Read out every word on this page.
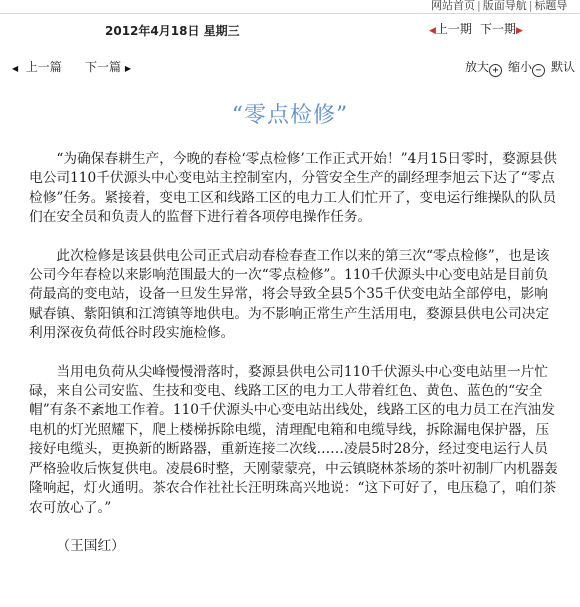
网站首页 | 版面导航 | 标题导
2012年4月18日 星期三	◀上一期 下一期▶
◀ 上一篇 下一篇 ▶	放大 + 缩小 − 默认
“零点检修”

“为确保春耕生产，今晚的春检‘零点检修’工作正式开始！”4月15日零时，婺源县供电公司110千伏源头中心变电站主控制室内，分管安全生产的副经理李旭云下达了“零点检修”任务。紧接着，变电工区和线路工区的电力工人们忙开了，变电运行维操队的队员们在安全员和负责人的监督下进行着各项停电操作任务。

此次检修是该县供电公司正式启动春检春查工作以来的第三次“零点检修”，也是该公司今年春检以来影响范围最大的一次“零点检修”。110千伏源头中心变电站是目前负荷最高的变电站，设备一旦发生异常，将会导致全县5个35千伏变电站全部停电，影响赋春镇、紫阳镇和江湾镇等地供电。为不影响正常生产生活用电，婺源县供电公司决定利用深夜负荷低谷时段实施检修。

当用电负荷从尖峰慢慢滑落时，婺源县供电公司110千伏源头中心变电站里一片忙碌，来自公司安监、生技和变电、线路工区的电力工人带着红色、黄色、蓝色的“安全帽”有条不紊地工作着。110千伏源头中心变电站出线处，线路工区的电力员工在汽油发电机的灯光照耀下，爬上楼梯拆除电缆，清理配电箱和电缆导线，拆除漏电保护器，压接好电缆头，更换新的断路器，重新连接二次线……凌晨5时28分，经过变电运行人员严格验收后恢复供电。凌晨6时整，天刚蒙蒙亮，中云镇晓林茶场的茶叶初制厂内机器轰隆响起，灯火通明。茶农合作社社长汪明珠高兴地说：“这下可好了，电压稳了，咱们茶农可放心了。”

（王国红）
